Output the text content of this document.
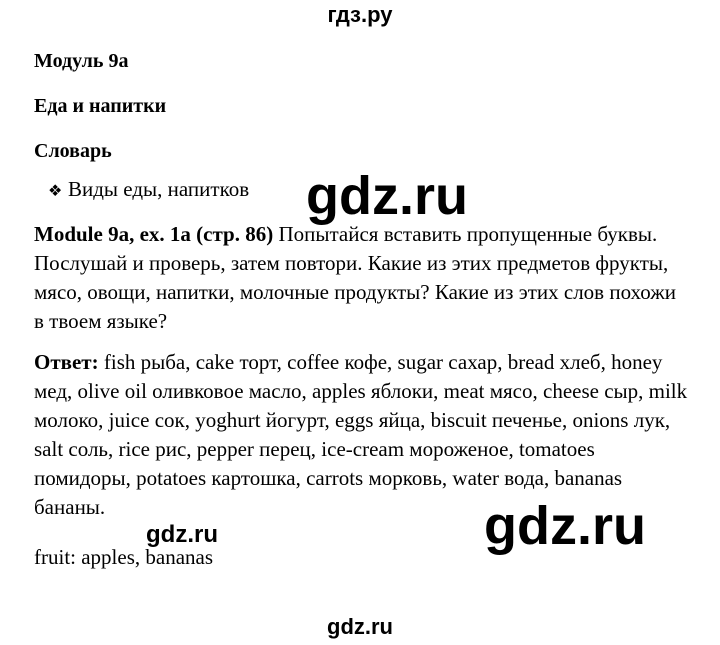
гдз.ру
Модуль 9a
Еда и напитки
Словарь
❖ Виды еды, напитков

Module 9a, ex. 1a (стр. 86) Попытайся вставить пропущенные буквы. Послушай и проверь, затем повтори. Какие из этих предметов фрукты, мясо, овощи, напитки, молочные продукты? Какие из этих слов похожи в твоем языке?

Ответ: fish рыба, cake торт, coffee кофе, sugar сахар, bread хлеб, honey мед, olive oil оливковое масло, apples яблоки, meat мясо, cheese сыр, milk молоко, juice сок, yoghurt йогурт, eggs яйца, biscuit печенье, onions лук, salt соль, rice рис, pepper перец, ice-cream мороженое, tomatoes помидоры, potatoes картошка, carrots морковь, water вода, bananas бананы.

fruit: apples, bananas
gdz.ru
gdz.ru
gdz.ru
gdz.ru
